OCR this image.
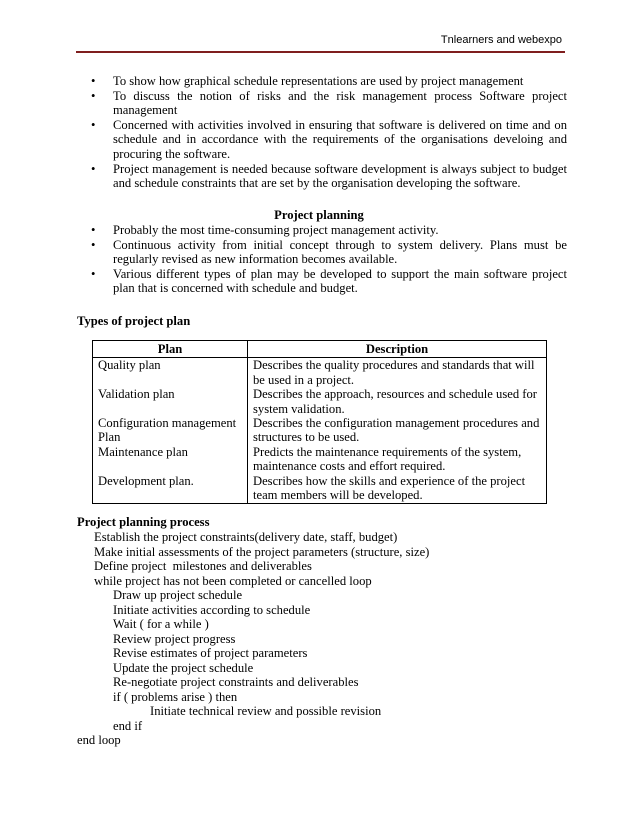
Tnlearners and webexpo
• To show how graphical schedule representations are used by project management
• To discuss the notion of risks and the risk management process Software project management
• Concerned with activities involved in ensuring that software is delivered on time and on schedule and in accordance with the requirements of the organisations develoing and procuring the software.
• Project management is needed because software development is always subject to budget and schedule constraints that are set by the organisation developing the software.
Project planning
• Probably the most time-consuming project management activity.
• Continuous activity from initial concept through to system delivery. Plans must be regularly revised as new information becomes available.
• Various different types of plan may be developed to support the main software project plan that is concerned with schedule and budget.
Types of project plan
Plan	Description
Quality plan	Describes the quality procedures and standards that will be used in a project.
Validation plan	Describes the approach, resources and schedule used for system validation.
Configuration management Plan	Describes the configuration management procedures and structures to be used.
Maintenance plan	Predicts the maintenance requirements of the system, maintenance costs and effort required.
Development plan.	Describes how the skills and experience of the project team members will be developed.
Project planning process
Establish the project constraints(delivery date, staff, budget)
Make initial assessments of the project parameters (structure, size)
Define project  milestones and deliverables
while project has not been completed or cancelled loop
Draw up project schedule
Initiate activities according to schedule
Wait ( for a while )
Review project progress
Revise estimates of project parameters
Update the project schedule
Re-negotiate project constraints and deliverables
if ( problems arise ) then
Initiate technical review and possible revision
end if
end loop
